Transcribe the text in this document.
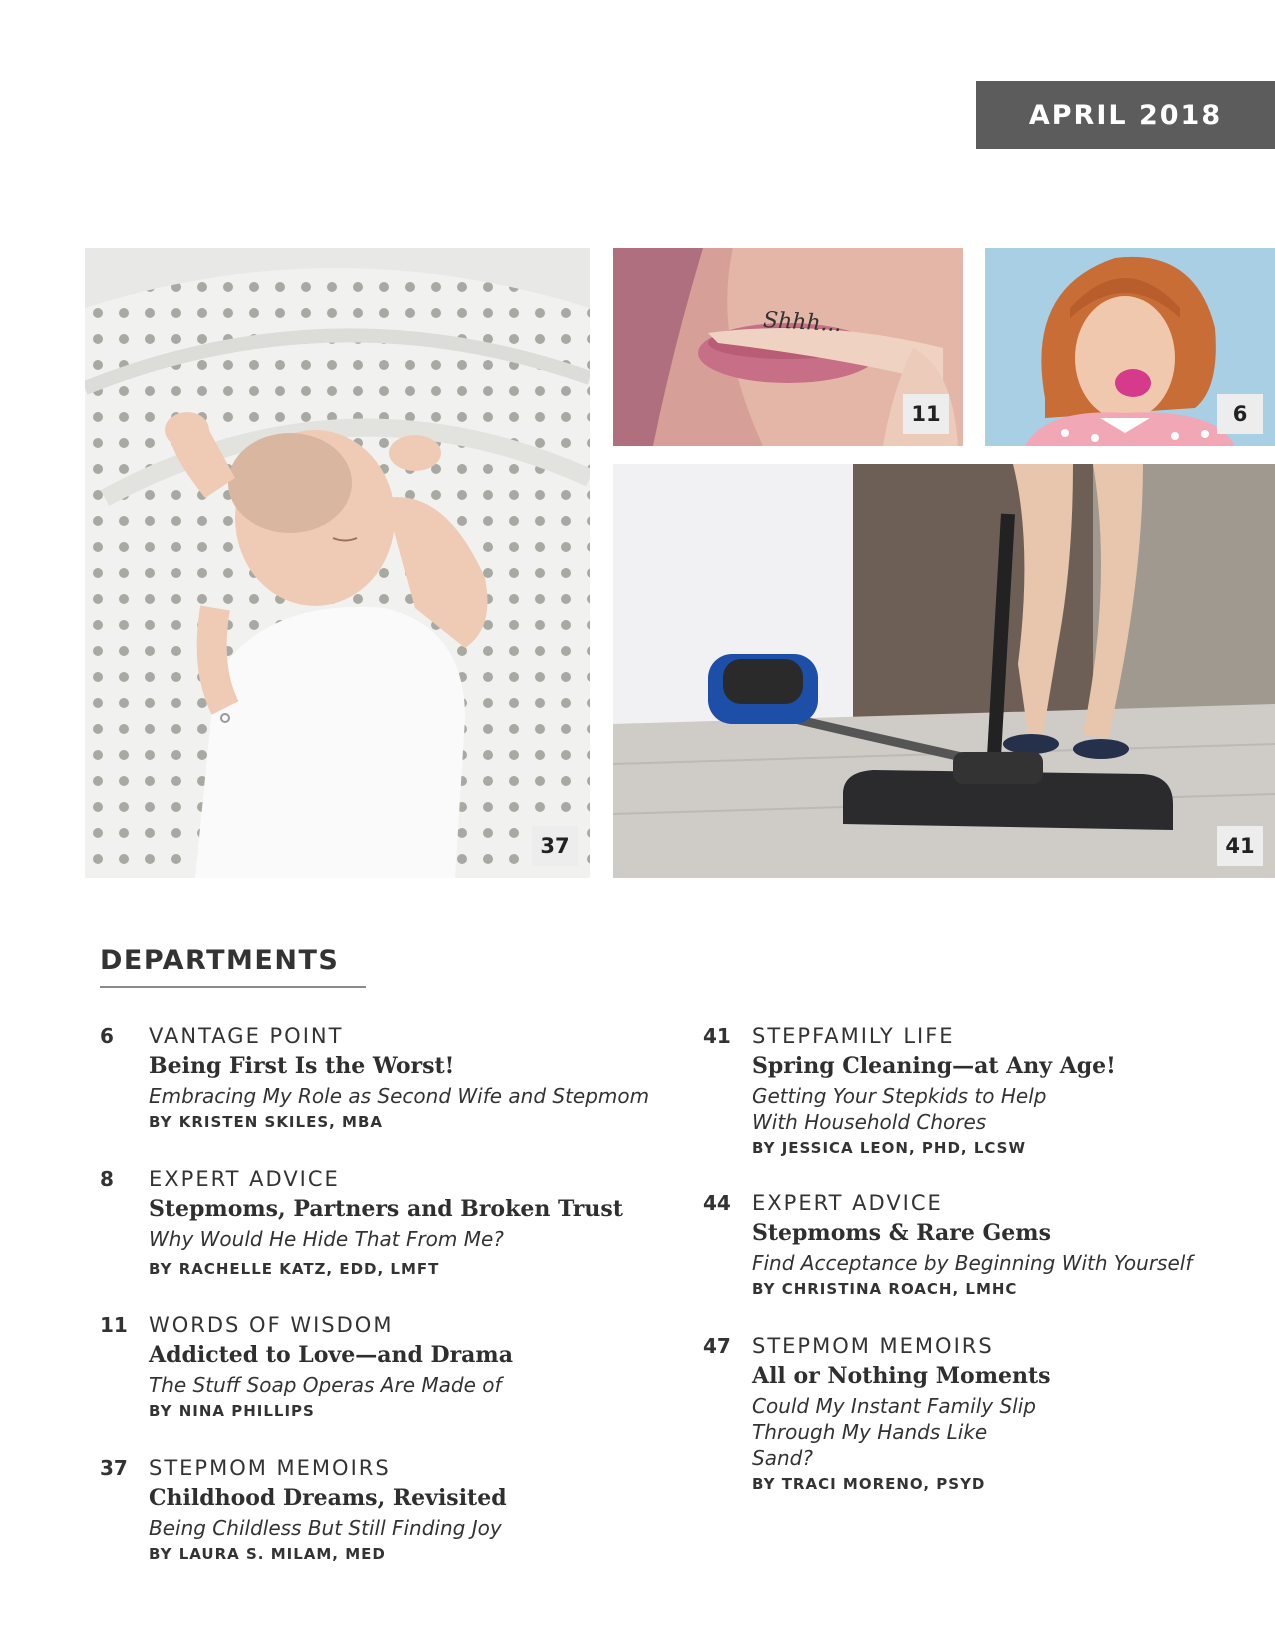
APRIL 2018
37
Shhh...
11	6
41
DEPARTMENTS
6 VANTAGE POINT
Being First Is the Worst!
Embracing My Role as Second Wife and Stepmom
BY KRISTEN SKILES, MBA
8 EXPERT ADVICE
Stepmoms, Partners and Broken Trust
Why Would He Hide That From Me?
BY RACHELLE KATZ, EDD, LMFT
11 WORDS OF WISDOM
Addicted to Love—and Drama
The Stuff Soap Operas Are Made of
BY NINA PHILLIPS
37 STEPMOM MEMOIRS
Childhood Dreams, Revisited
Being Childless But Still Finding Joy
BY LAURA S. MILAM, MED
41 STEPFAMILY LIFE
Spring Cleaning—at Any Age!
Getting Your Stepkids to Help
With Household Chores
BY JESSICA LEON, PHD, LCSW
44 EXPERT ADVICE
Stepmoms & Rare Gems
Find Acceptance by Beginning With Yourself
BY CHRISTINA ROACH, LMHC
47 STEPMOM MEMOIRS
All or Nothing Moments
Could My Instant Family Slip
Through My Hands Like Sand?
BY TRACI MORENO, PSYD
